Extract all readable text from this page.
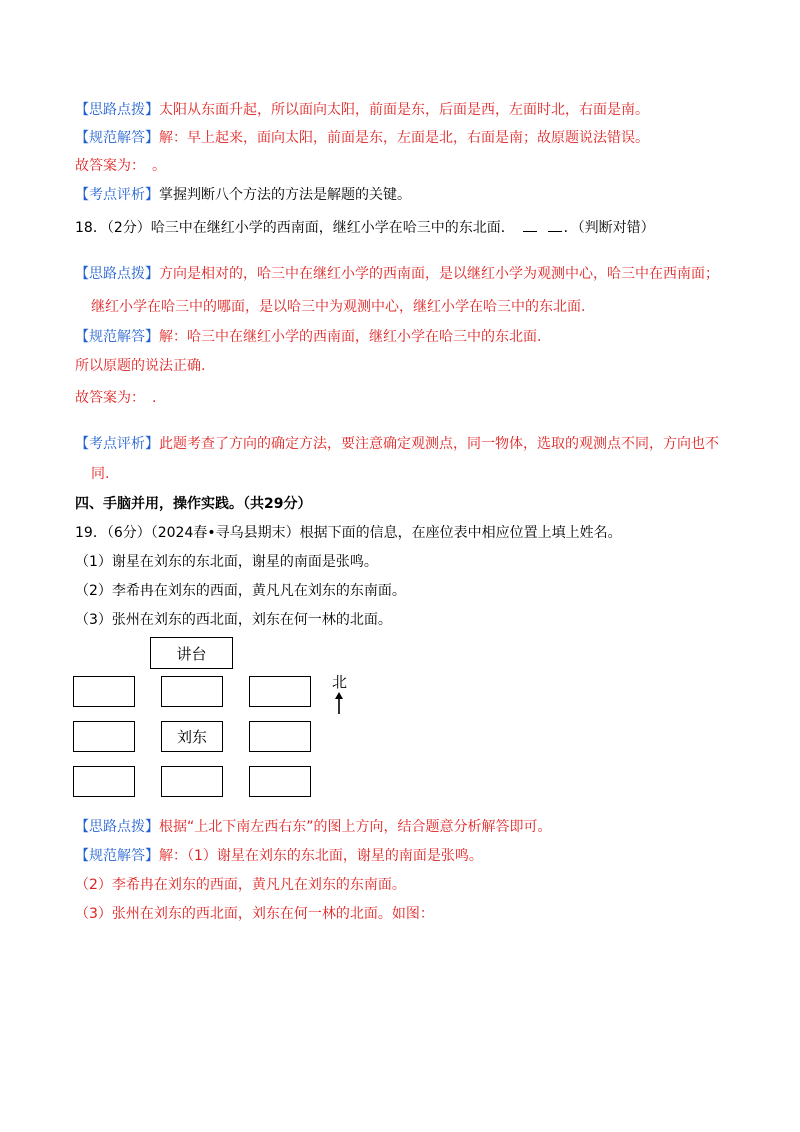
【思路点拨】太阳从东面升起，所以面向太阳，前面是东，后面是西，左面时北，右面是南。
【规范解答】解：早上起来，面向太阳，前面是东，左面是北，右面是南；故原题说法错误。
故答案为：　。
【考点评析】掌握判断八个方法的方法是解题的关键。
18．（2分）哈三中在继红小学的西南面，继红小学在哈三中的东北面．	．（判断对错）
【思路点拨】方向是相对的，哈三中在继红小学的西南面，是以继红小学为观测中心，哈三中在西南面；
继红小学在哈三中的哪面，是以哈三中为观测中心，继红小学在哈三中的东北面.
【规范解答】解：哈三中在继红小学的西南面，继红小学在哈三中的东北面.
所以原题的说法正确.
故答案为：　.
【考点评析】此题考查了方向的确定方法，要注意确定观测点，同一物体，选取的观测点不同，方向也不
同.
四、手脑并用，操作实践。（共29分）
19．（6分）（2024春•寻乌县期末）根据下面的信息，在座位表中相应位置上填上姓名。
（1）谢星在刘东的东北面，谢星的南面是张鸣。
（2）李希冉在刘东的西面，黄凡凡在刘东的东南面。
（3）张州在刘东的西北面，刘东在何一林的北面。
讲台
刘东
北
【思路点拨】根据“上北下南左西右东”的图上方向，结合题意分析解答即可。
【规范解答】解：（1）谢星在刘东的东北面，谢星的南面是张鸣。
（2）李希冉在刘东的西面，黄凡凡在刘东的东南面。
（3）张州在刘东的西北面，刘东在何一林的北面。如图：
